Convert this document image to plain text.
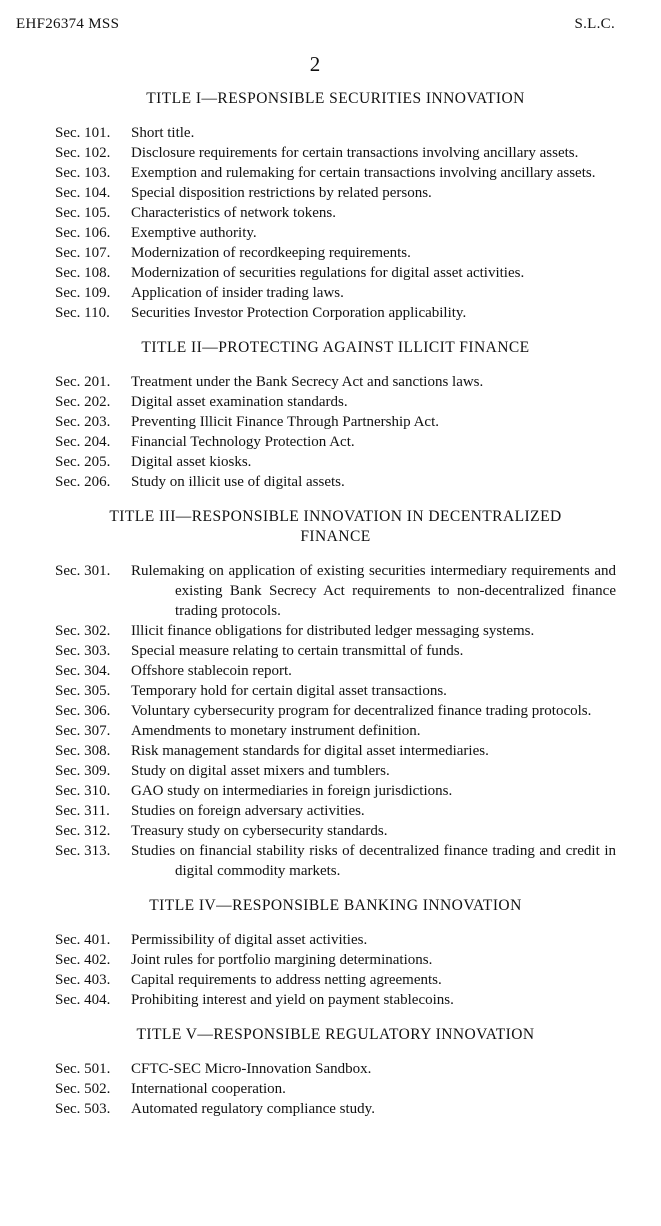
EHF26374 MSS	S.L.C.
2
TITLE I—RESPONSIBLE SECURITIES INNOVATION
Sec. 101. Short title.
Sec. 102. Disclosure requirements for certain transactions involving ancillary assets.
Sec. 103. Exemption and rulemaking for certain transactions involving ancillary assets.
Sec. 104. Special disposition restrictions by related persons.
Sec. 105. Characteristics of network tokens.
Sec. 106. Exemptive authority.
Sec. 107. Modernization of recordkeeping requirements.
Sec. 108. Modernization of securities regulations for digital asset activities.
Sec. 109. Application of insider trading laws.
Sec. 110. Securities Investor Protection Corporation applicability.
TITLE II—PROTECTING AGAINST ILLICIT FINANCE
Sec. 201. Treatment under the Bank Secrecy Act and sanctions laws.
Sec. 202. Digital asset examination standards.
Sec. 203. Preventing Illicit Finance Through Partnership Act.
Sec. 204. Financial Technology Protection Act.
Sec. 205. Digital asset kiosks.
Sec. 206. Study on illicit use of digital assets.
TITLE III—RESPONSIBLE INNOVATION IN DECENTRALIZED FINANCE
Sec. 301. Rulemaking on application of existing securities intermediary requirements and existing Bank Secrecy Act requirements to non-decentralized finance trading protocols.
Sec. 302. Illicit finance obligations for distributed ledger messaging systems.
Sec. 303. Special measure relating to certain transmittal of funds.
Sec. 304. Offshore stablecoin report.
Sec. 305. Temporary hold for certain digital asset transactions.
Sec. 306. Voluntary cybersecurity program for decentralized finance trading protocols.
Sec. 307. Amendments to monetary instrument definition.
Sec. 308. Risk management standards for digital asset intermediaries.
Sec. 309. Study on digital asset mixers and tumblers.
Sec. 310. GAO study on intermediaries in foreign jurisdictions.
Sec. 311. Studies on foreign adversary activities.
Sec. 312. Treasury study on cybersecurity standards.
Sec. 313. Studies on financial stability risks of decentralized finance trading and credit in digital commodity markets.
TITLE IV—RESPONSIBLE BANKING INNOVATION
Sec. 401. Permissibility of digital asset activities.
Sec. 402. Joint rules for portfolio margining determinations.
Sec. 403. Capital requirements to address netting agreements.
Sec. 404. Prohibiting interest and yield on payment stablecoins.
TITLE V—RESPONSIBLE REGULATORY INNOVATION
Sec. 501. CFTC-SEC Micro-Innovation Sandbox.
Sec. 502. International cooperation.
Sec. 503. Automated regulatory compliance study.
